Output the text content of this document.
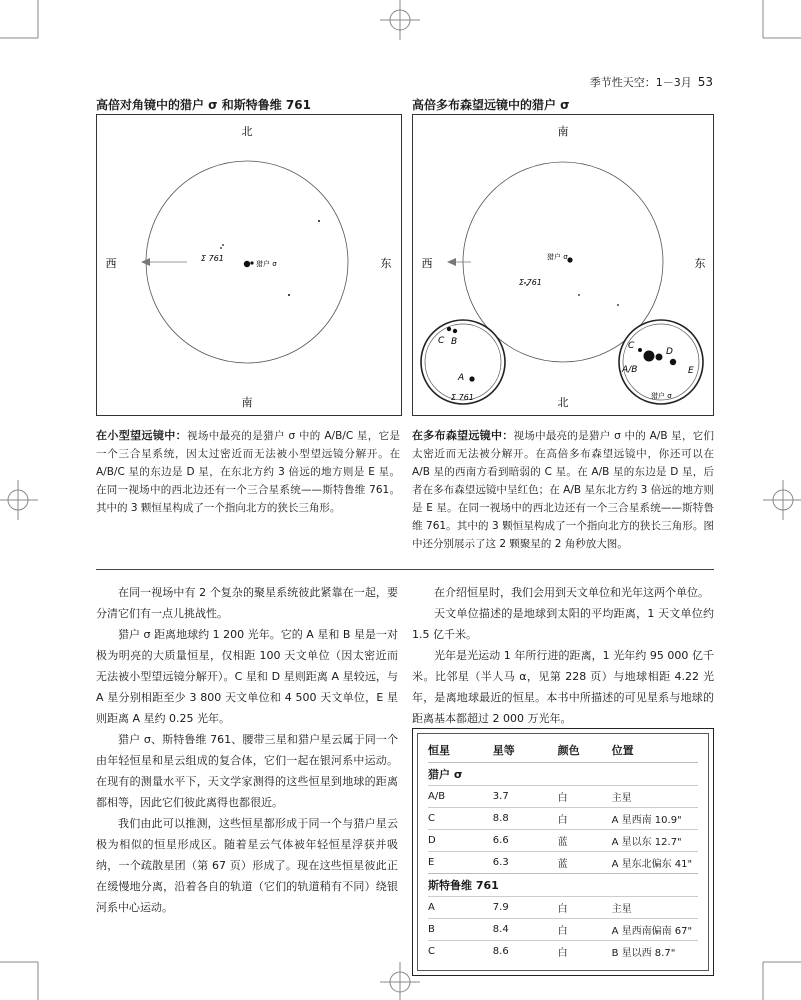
季节性天空：1－3月 53
高倍对角镜中的猎户 σ 和斯特鲁维 761	高倍多布森望远镜中的猎户 σ
北
南
西	东
Σ 761
猎户 σ
南
北
西	东
猎户 σ
Σ 761
C B
A
Σ 761
C
D
A/B	E
猎户 σ
在小型望远镜中：视场中最亮的是猎户 σ 中的 A/B/C 星，它是一个三合星系统，因太过密近而无法被小型望远镜分解开。在 A/B/C 星的东边是 D 星，在东北方约 3 倍远的地方则是 E 星。在同一视场中的西北边还有一个三合星系统——斯特鲁维 761。其中的 3 颗恒星构成了一个指向北方的狭长三角形。
在多布森望远镜中：视场中最亮的是猎户 σ 中的 A/B 星，它们太密近而无法被分解开。在高倍多布森望远镜中，你还可以在 A/B 星的西南方看到暗弱的 C 星。在 A/B 星的东边是 D 星，后者在多布森望远镜中呈红色；在 A/B 星东北方约 3 倍远的地方则是 E 星。在同一视场中的西北边还有一个三合星系统——斯特鲁维 761。其中的 3 颗恒星构成了一个指向北方的狭长三角形。图中还分别展示了这 2 颗聚星的 2 角秒放大图。

在同一视场中有 2 个复杂的聚星系统彼此紧靠在一起，要分清它们有一点儿挑战性。

猎户 σ 距离地球约 1 200 光年。它的 A 星和 B 星是一对极为明亮的大质量恒星，仅相距 100 天文单位（因太密近而无法被小型望远镜分解开）。C 星和 D 星则距离 A 星较远，与 A 星分别相距至少 3 800 天文单位和 4 500 天文单位，E 星则距离 A 星约 0.25 光年。

猎户 σ、斯特鲁维 761、腰带三星和猎户星云属于同一个由年轻恒星和星云组成的复合体，它们一起在银河系中运动。在现有的测量水平下，天文学家测得的这些恒星到地球的距离都相等，因此它们彼此离得也都很近。

我们由此可以推测，这些恒星都形成于同一个与猎户星云极为相似的恒星形成区。随着星云气体被年轻恒星浮获并吸纳，一个疏散星团（第 67 页）形成了。现在这些恒星彼此正在缓慢地分离，沿着各自的轨道（它们的轨道稍有不同）绕银河系中心运动。

在介绍恒星时，我们会用到天文单位和光年这两个单位。

天文单位描述的是地球到太阳的平均距离，1 天文单位约 1.5 亿千米。

光年是光运动 1 年所行进的距离，1 光年约 95 000 亿千米。比邻星（半人马 α，见第 228 页）与地球相距 4.22 光年，是离地球最近的恒星。本书中所描述的可见星系与地球的距离基本都超过 2 000 万光年。

恒星	星等	颜色	位置
猎户 σ			
A/B	3.7	白	主星
C	8.8	白	A 星西南 10.9"
D	6.6	蓝	A 星以东 12.7"
E	6.3	蓝	A 星东北偏东 41"
斯特鲁维 761			
A	7.9	白	主星
B	8.4	白	A 星西南偏南 67"
C	8.6	白	B 星以西 8.7"
